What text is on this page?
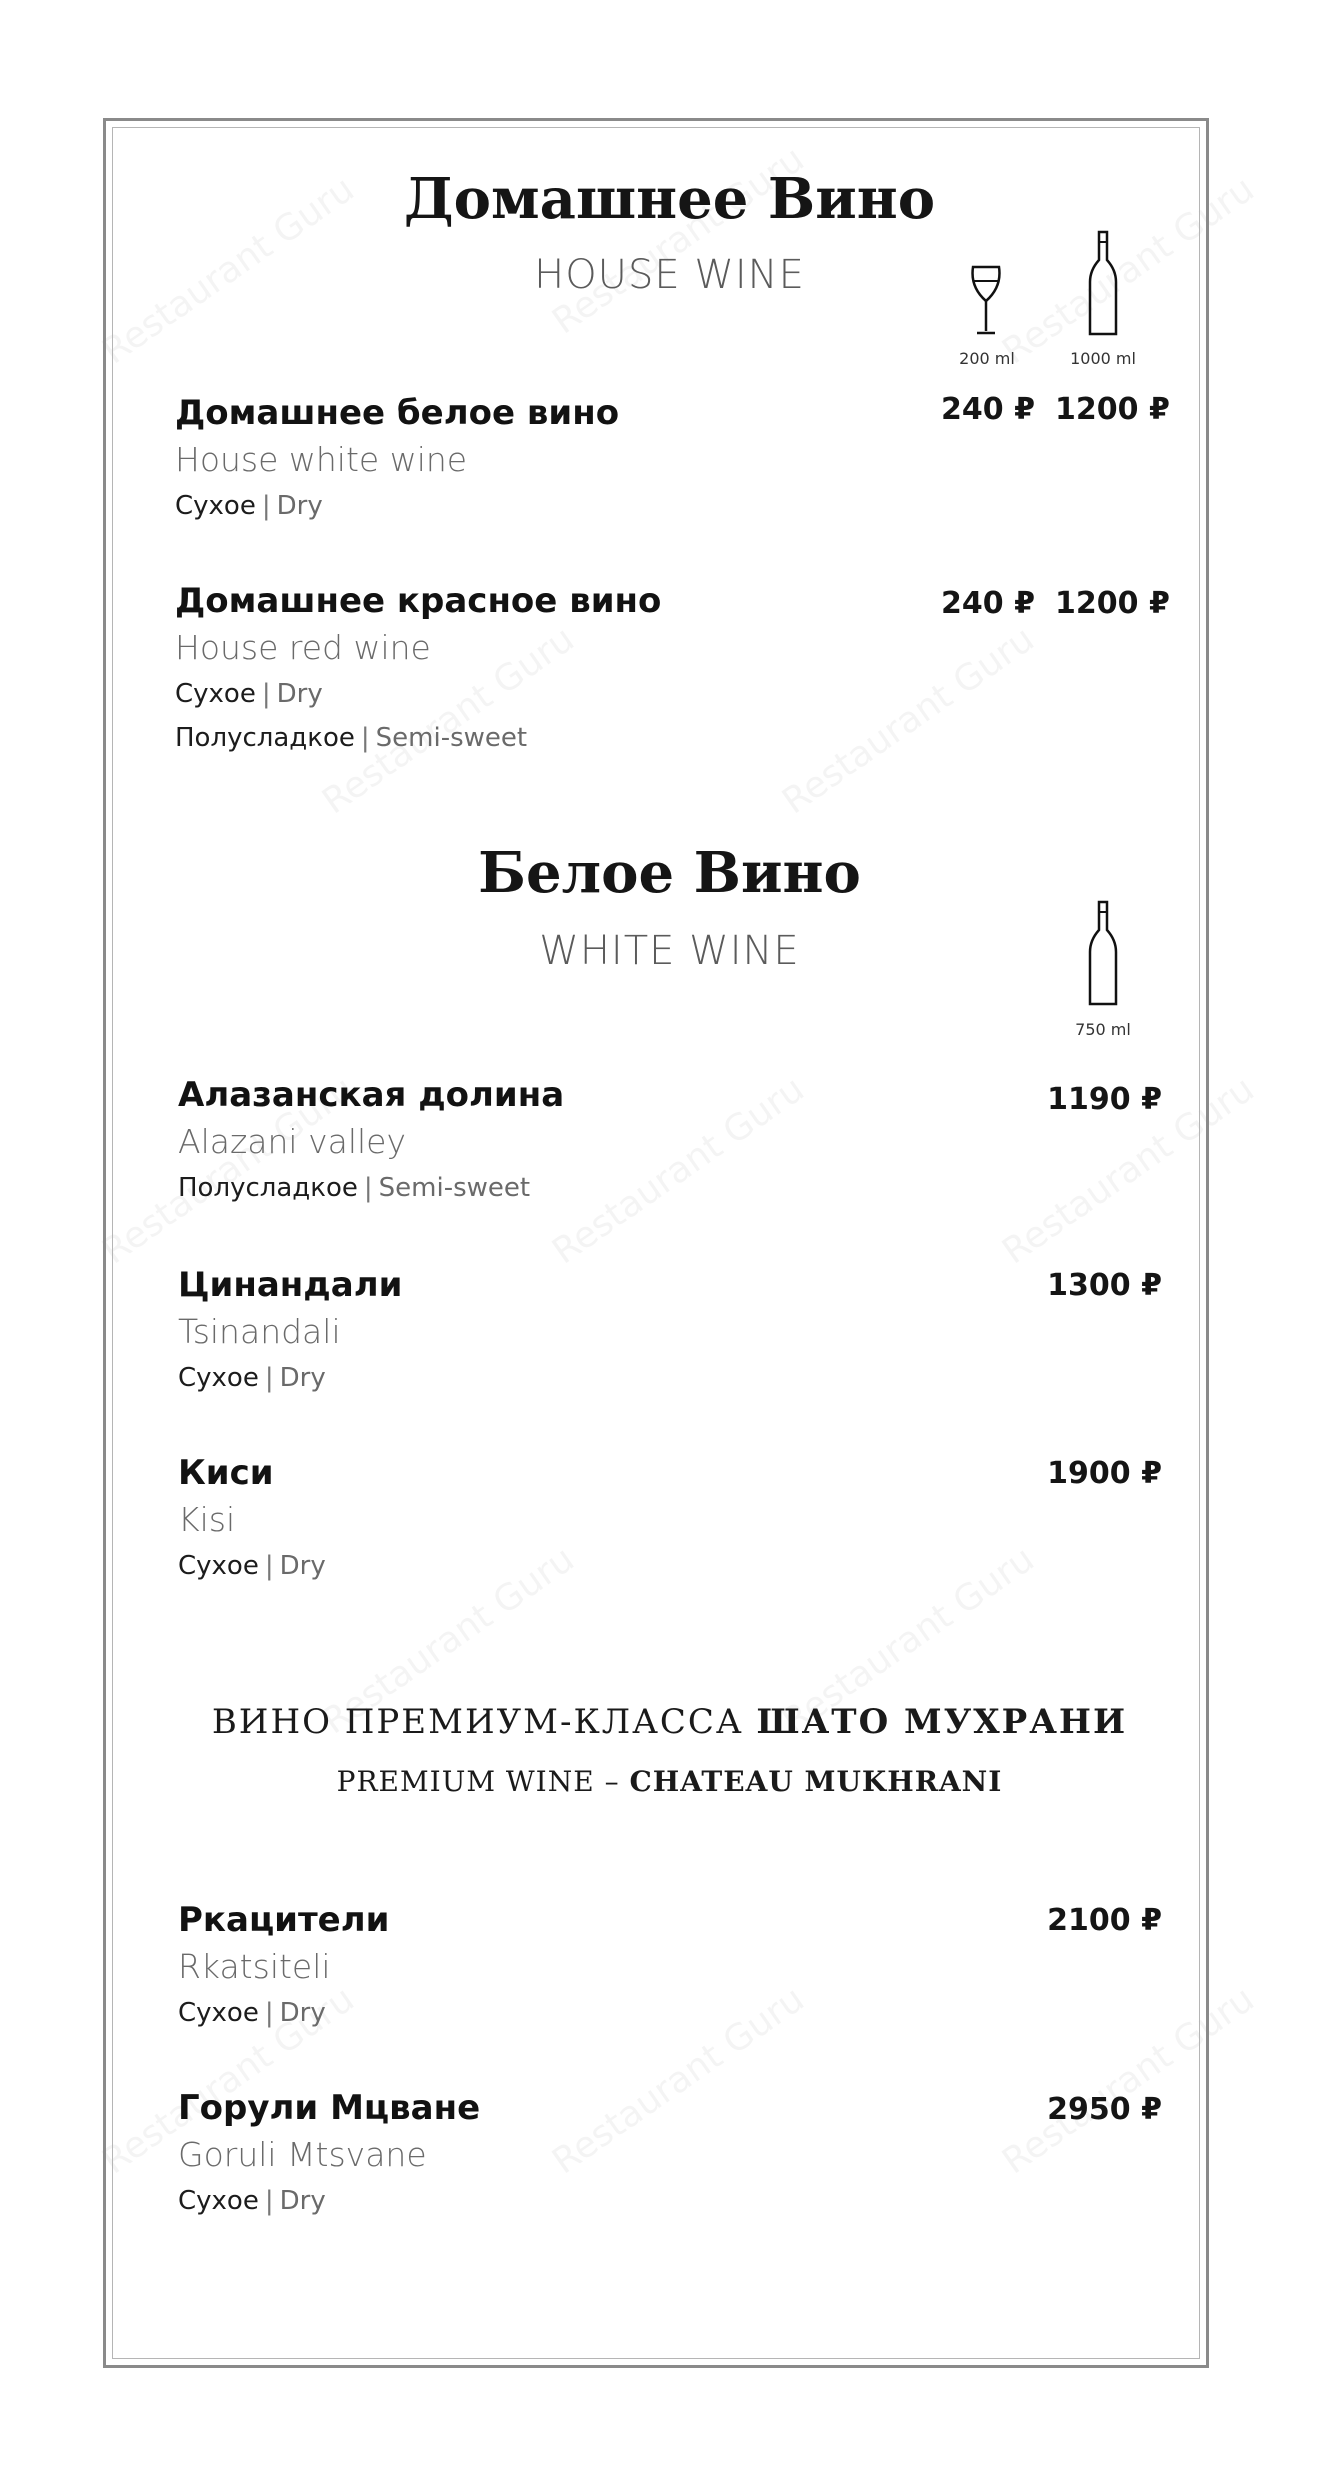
Домашнее Вино
HOUSE WINE
200 ml	1000 ml
Домашнее белое вино
House white wine
Сухое | Dry
240 ₽ 1200 ₽
Домашнее красное вино
House red wine
Сухое | Dry
Полусладкое | Semi-sweet
240 ₽ 1200 ₽
Белое Вино
WHITE WINE
750 ml
Алазанская долина
Alazani valley
Полусладкое | Semi-sweet
1190 ₽
Цинандали
Tsinandali
Сухое | Dry
1300 ₽
Киси
Kisi
Сухое | Dry
1900 ₽
ВИНО ПРЕМИУМ-КЛАССА ШАТО МУХРАНИ
PREMIUM WINE – CHATEAU MUKHRANI
Ркацители
Rkatsiteli
Сухое | Dry
2100 ₽
Горули Мцване
Goruli Mtsvane
Сухое | Dry
2950 ₽
